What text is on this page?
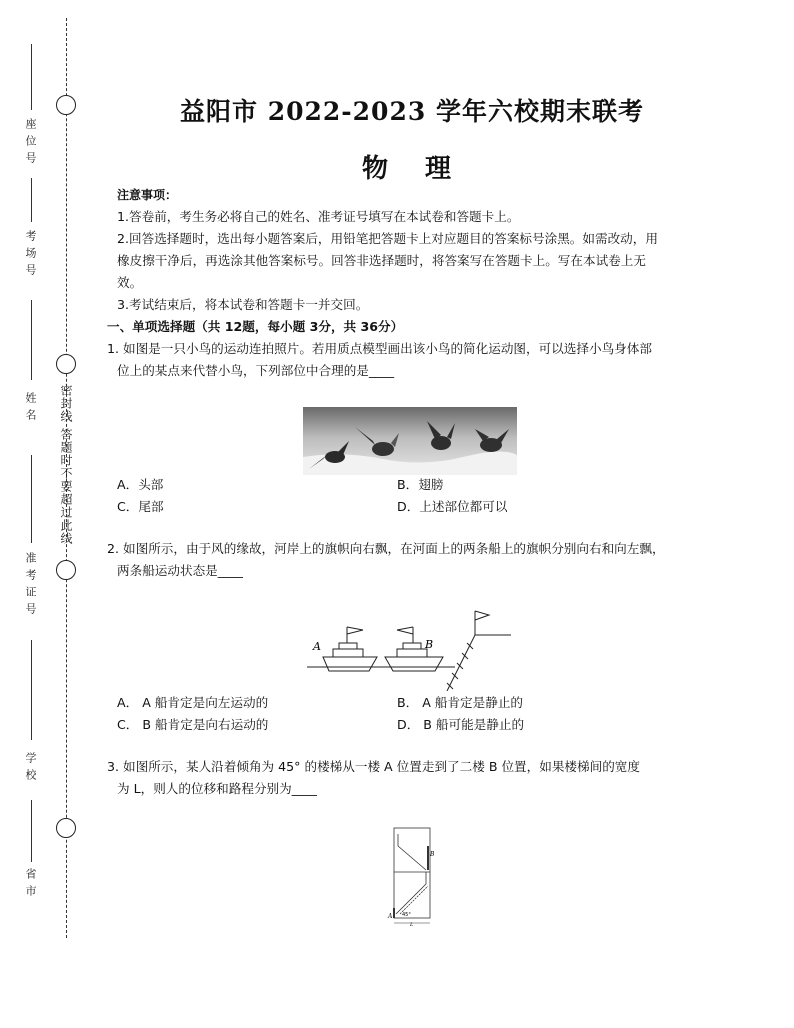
座位号
考场号
姓名
准考证号
学校
省市
密封线 答题时不要超过此线
益阳市 2022-2023 学年六校期末联考
物 理

注意事项：

1.答卷前，考生务必将自己的姓名、准考证号填写在本试卷和答题卡上。

2.回答选择题时，选出每小题答案后，用铅笔把答题卡上对应题目的答案标号涂黑。如需改动，用

橡皮擦干净后，再选涂其他答案标号。回答非选择题时，将答案写在答题卡上。写在本试卷上无

效。

3.考试结束后，将本试卷和答题卡一并交回。

一、单项选择题（共 12题，每小题 3分，共 36分）

1. 如图是一只小鸟的运动连拍照片。若用质点模型画出该小鸟的简化运动图，可以选择小鸟身体部

位上的某点来代替小鸟，下列部位中合理的是____

A．头部	B．翅膀
C．尾部	D．上述部位都可以

2. 如图所示，由于风的缘故，河岸上的旗帜向右飘，在河面上的两条船上的旗帜分别向右和向左飘，

两条船运动状态是____

A． A 船肯定是向左运动的	B． A 船肯定是静止的
C． B 船肯定是向右运动的	D． B 船可能是静止的

3. 如图所示，某人沿着倾角为 45° 的楼梯从一楼 A 位置走到了二楼 B 位置，如果楼梯间的宽度

为 L，则人的位移和路程分别为____

A	B
A
B
45°
L
